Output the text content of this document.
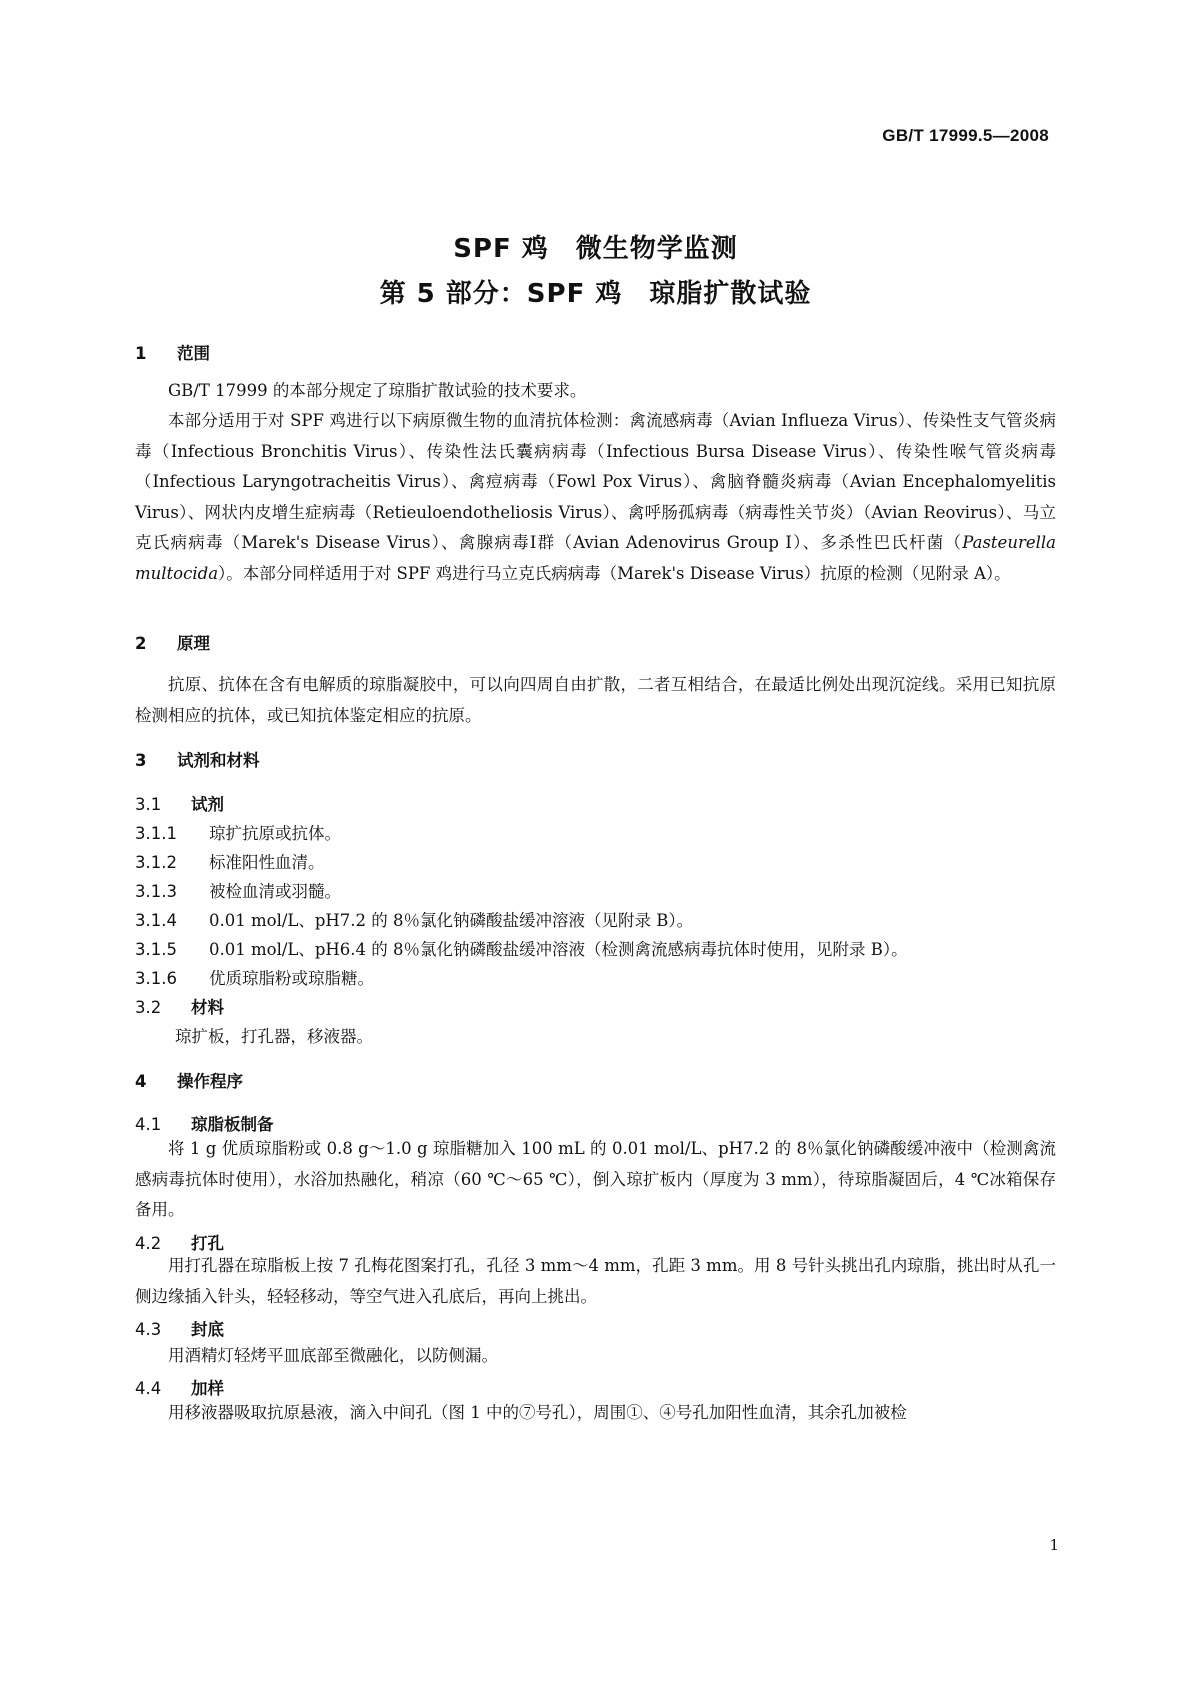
GB/T 17999.5—2008
SPF 鸡　微生物学监测
第 5 部分：SPF 鸡　琼脂扩散试验
1 范围
GB/T 17999 的本部分规定了琼脂扩散试验的技术要求。
本部分适用于对 SPF 鸡进行以下病原微生物的血清抗体检测：禽流感病毒（Avian Influeza Virus）、传染性支气管炎病毒（Infectious Bronchitis Virus）、传染性法氏囊病病毒（Infectious Bursa Disease Virus）、传染性喉气管炎病毒（Infectious Laryngotracheitis Virus）、禽痘病毒（Fowl Pox Virus）、禽脑脊髓炎病毒（Avian Encephalomyelitis Virus）、网状内皮增生症病毒（Retieuloendotheliosis Virus）、禽呼肠孤病毒（病毒性关节炎）（Avian Reovirus）、马立克氏病病毒（Marek's Disease Virus）、禽腺病毒Ⅰ群（Avian Adenovirus Group Ⅰ）、多杀性巴氏杆菌（Pasteurella multocida）。本部分同样适用于对 SPF 鸡进行马立克氏病病毒（Marek's Disease Virus）抗原的检测（见附录 A）。
2 原理
抗原、抗体在含有电解质的琼脂凝胶中，可以向四周自由扩散，二者互相结合，在最适比例处出现沉淀线。采用已知抗原检测相应的抗体，或已知抗体鉴定相应的抗原。
3 试剂和材料
3.1 试剂
3.1.1 琼扩抗原或抗体。
3.1.2 标准阳性血清。
3.1.3 被检血清或羽髓。
3.1.4 0.01 mol/L、pH7.2 的 8％氯化钠磷酸盐缓冲溶液（见附录 B）。
3.1.5 0.01 mol/L、pH6.4 的 8％氯化钠磷酸盐缓冲溶液（检测禽流感病毒抗体时使用，见附录 B）。
3.1.6 优质琼脂粉或琼脂糖。
3.2 材料
琼扩板，打孔器，移液器。
4 操作程序
4.1 琼脂板制备
将 1 g 优质琼脂粉或 0.8 g～1.0 g 琼脂糖加入 100 mL 的 0.01 mol/L、pH7.2 的 8％氯化钠磷酸缓冲液中（检测禽流感病毒抗体时使用），水浴加热融化，稍凉（60 ℃～65 ℃），倒入琼扩板内（厚度为 3 mm），待琼脂凝固后，4 ℃冰箱保存备用。
4.2 打孔
用打孔器在琼脂板上按 7 孔梅花图案打孔，孔径 3 mm～4 mm，孔距 3 mm。用 8 号针头挑出孔内琼脂，挑出时从孔一侧边缘插入针头，轻轻移动，等空气进入孔底后，再向上挑出。
4.3 封底
用酒精灯轻烤平皿底部至微融化，以防侧漏。
4.4 加样
用移液器吸取抗原悬液，滴入中间孔（图 1 中的⑦号孔），周围①、④号孔加阳性血清，其余孔加被检
1
